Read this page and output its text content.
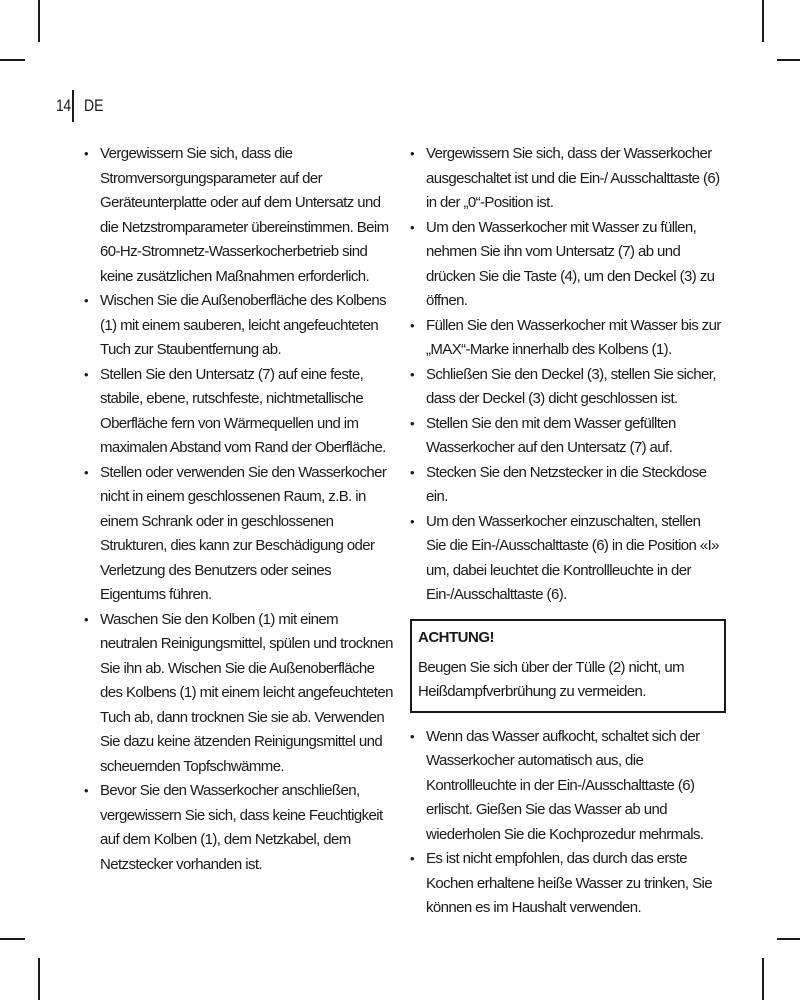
14 DE
• Vergewissern Sie sich, dass die Stromversorgungsparameter auf der Geräteunterplatte oder auf dem Untersatz und die Netzstromparameter übereinstimmen. Beim 60-Hz-Stromnetz-Wasserkocherbetrieb sind keine zusätzlichen Maßnahmen erforderlich.
• Wischen Sie die Außenoberfläche des Kolbens (1) mit einem sauberen, leicht angefeuchteten Tuch zur Staubentfernung ab.
• Stellen Sie den Untersatz (7) auf eine feste, stabile, ebene, rutschfeste, nichtmetallische Oberfläche fern von Wärmequellen und im maximalen Abstand vom Rand der Oberfläche.
• Stellen oder verwenden Sie den Wasserkocher nicht in einem geschlossenen Raum, z.B. in einem Schrank oder in geschlossenen Strukturen, dies kann zur Beschädigung oder Verletzung des Benutzers oder seines Eigentums führen.
• Waschen Sie den Kolben (1) mit einem neutralen Reinigungsmittel, spülen und trocknen Sie ihn ab. Wischen Sie die Außenoberfläche des Kolbens (1) mit einem leicht angefeuchteten Tuch ab, dann trocknen Sie sie ab. Verwenden Sie dazu keine ätzenden Reinigungsmittel und scheuernden Topfschwämme.
• Bevor Sie den Wasserkocher anschließen, vergewissern Sie sich, dass keine Feuchtigkeit auf dem Kolben (1), dem Netzkabel, dem Netzstecker vorhanden ist.
• Vergewissern Sie sich, dass der Wasserkocher ausgeschaltet ist und die Ein-/ Ausschalttaste (6) in der „0“-Position ist.
• Um den Wasserkocher mit Wasser zu füllen, nehmen Sie ihn vom Untersatz (7) ab und drücken Sie die Taste (4), um den Deckel (3) zu öffnen.
• Füllen Sie den Wasserkocher mit Wasser bis zur „MAX“-Marke innerhalb des Kolbens (1).
• Schließen Sie den Deckel (3), stellen Sie sicher, dass der Deckel (3) dicht geschlossen ist.
• Stellen Sie den mit dem Wasser gefüllten Wasserkocher auf den Untersatz (7) auf.
• Stecken Sie den Netzstecker in die Steckdose ein.
• Um den Wasserkocher einzuschalten, stellen Sie die Ein-/Ausschalttaste (6) in die Position «I» um, dabei leuchtet die Kontrollleuchte in der Ein-/Ausschalttaste (6).
ACHTUNG!
Beugen Sie sich über der Tülle (2) nicht, um Heißdampfverbrühung zu vermeiden.
• Wenn das Wasser aufkocht, schaltet sich der Wasserkocher automatisch aus, die Kontrollleuchte in der Ein-/Ausschalttaste (6) erlischt. Gießen Sie das Wasser ab und wiederholen Sie die Kochprozedur mehrmals.
• Es ist nicht empfohlen, das durch das erste Kochen erhaltene heiße Wasser zu trinken, Sie können es im Haushalt verwenden.
